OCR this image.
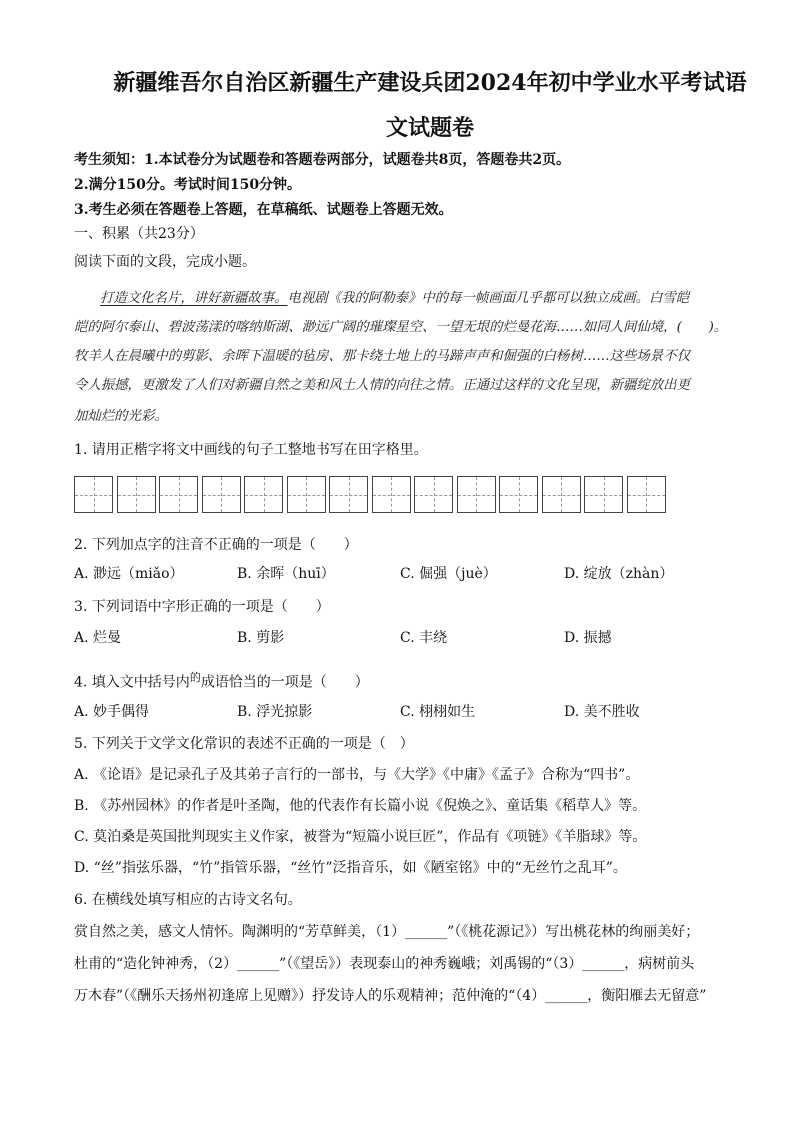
新疆维吾尔自治区新疆生产建设兵团2024年初中学业水平考试语
文试题卷
考生须知：1.本试卷分为试题卷和答题卷两部分，试题卷共8页，答题卷共2页。
2.满分150分。考试时间150分钟。
3.考生必须在答题卷上答题，在草稿纸、试题卷上答题无效。
一、积累（共23分）
阅读下面的文段，完成小题。
打造文化名片，讲好新疆故事。电视剧《我的阿勒泰》中的每一帧画面几乎都可以独立成画。白雪皑
皑的阿尔泰山、碧波荡漾的喀纳斯湖、渺远广阔的璀璨星空、一望无垠的烂曼花海……如同人间仙境，(　　)。
牧羊人在晨曦中的剪影、余晖下温暖的毡房、那卡绕土地上的马蹄声声和倔强的白杨树……这些场景不仅
令人振撼，更激发了人们对新疆自然之美和风土人情的向往之情。正通过这样的文化呈现，新疆绽放出更
加灿烂的光彩。
1. 请用正楷字将文中画线的句子工整地书写在田字格里。
2. 下列加点字的注音不正确的一项是（　　）
A. 渺远（miǎo）	B. 余晖（huī）	C. 倔强（juè）	D. 绽放（zhàn）
3. 下列词语中字形正确的一项是（　　）
A. 烂曼	B. 剪影	C. 丰绕	D. 振撼
4. 填入文中括号内$^的$成语恰当的一项是（　　）
A. 妙手偶得	B. 浮光掠影	C. 栩栩如生	D. 美不胜收
5. 下列关于文学文化常识的表述不正确的一项是（　）
A. 《论语》是记录孔子及其弟子言行的一部书，与《大学》《中庸》《孟子》合称为“四书”。
B. 《苏州园林》的作者是叶圣陶，他的代表作有长篇小说《倪焕之》、童话集《稻草人》等。
C. 莫泊桑是英国批判现实主义作家，被誉为“短篇小说巨匠”，作品有《项链》《羊脂球》等。
D. “丝”指弦乐器，“竹”指管乐器，“丝竹”泛指音乐，如《陋室铭》中的“无丝竹之乱耳”。
6. 在横线处填写相应的古诗文名句。
赏自然之美，感文人情怀。陶渊明的“芳草鲜美，（1）______”（《桃花源记》）写出桃花林的绚丽美好；
杜甫的“造化钟神秀，（2）______”（《望岳》）表现泰山的神秀巍峨；刘禹锡的“（3）______，病树前头
万木春”（《酬乐天扬州初逢席上见赠》）抒发诗人的乐观精神；范仲淹的“（4）______，衡阳雁去无留意”
